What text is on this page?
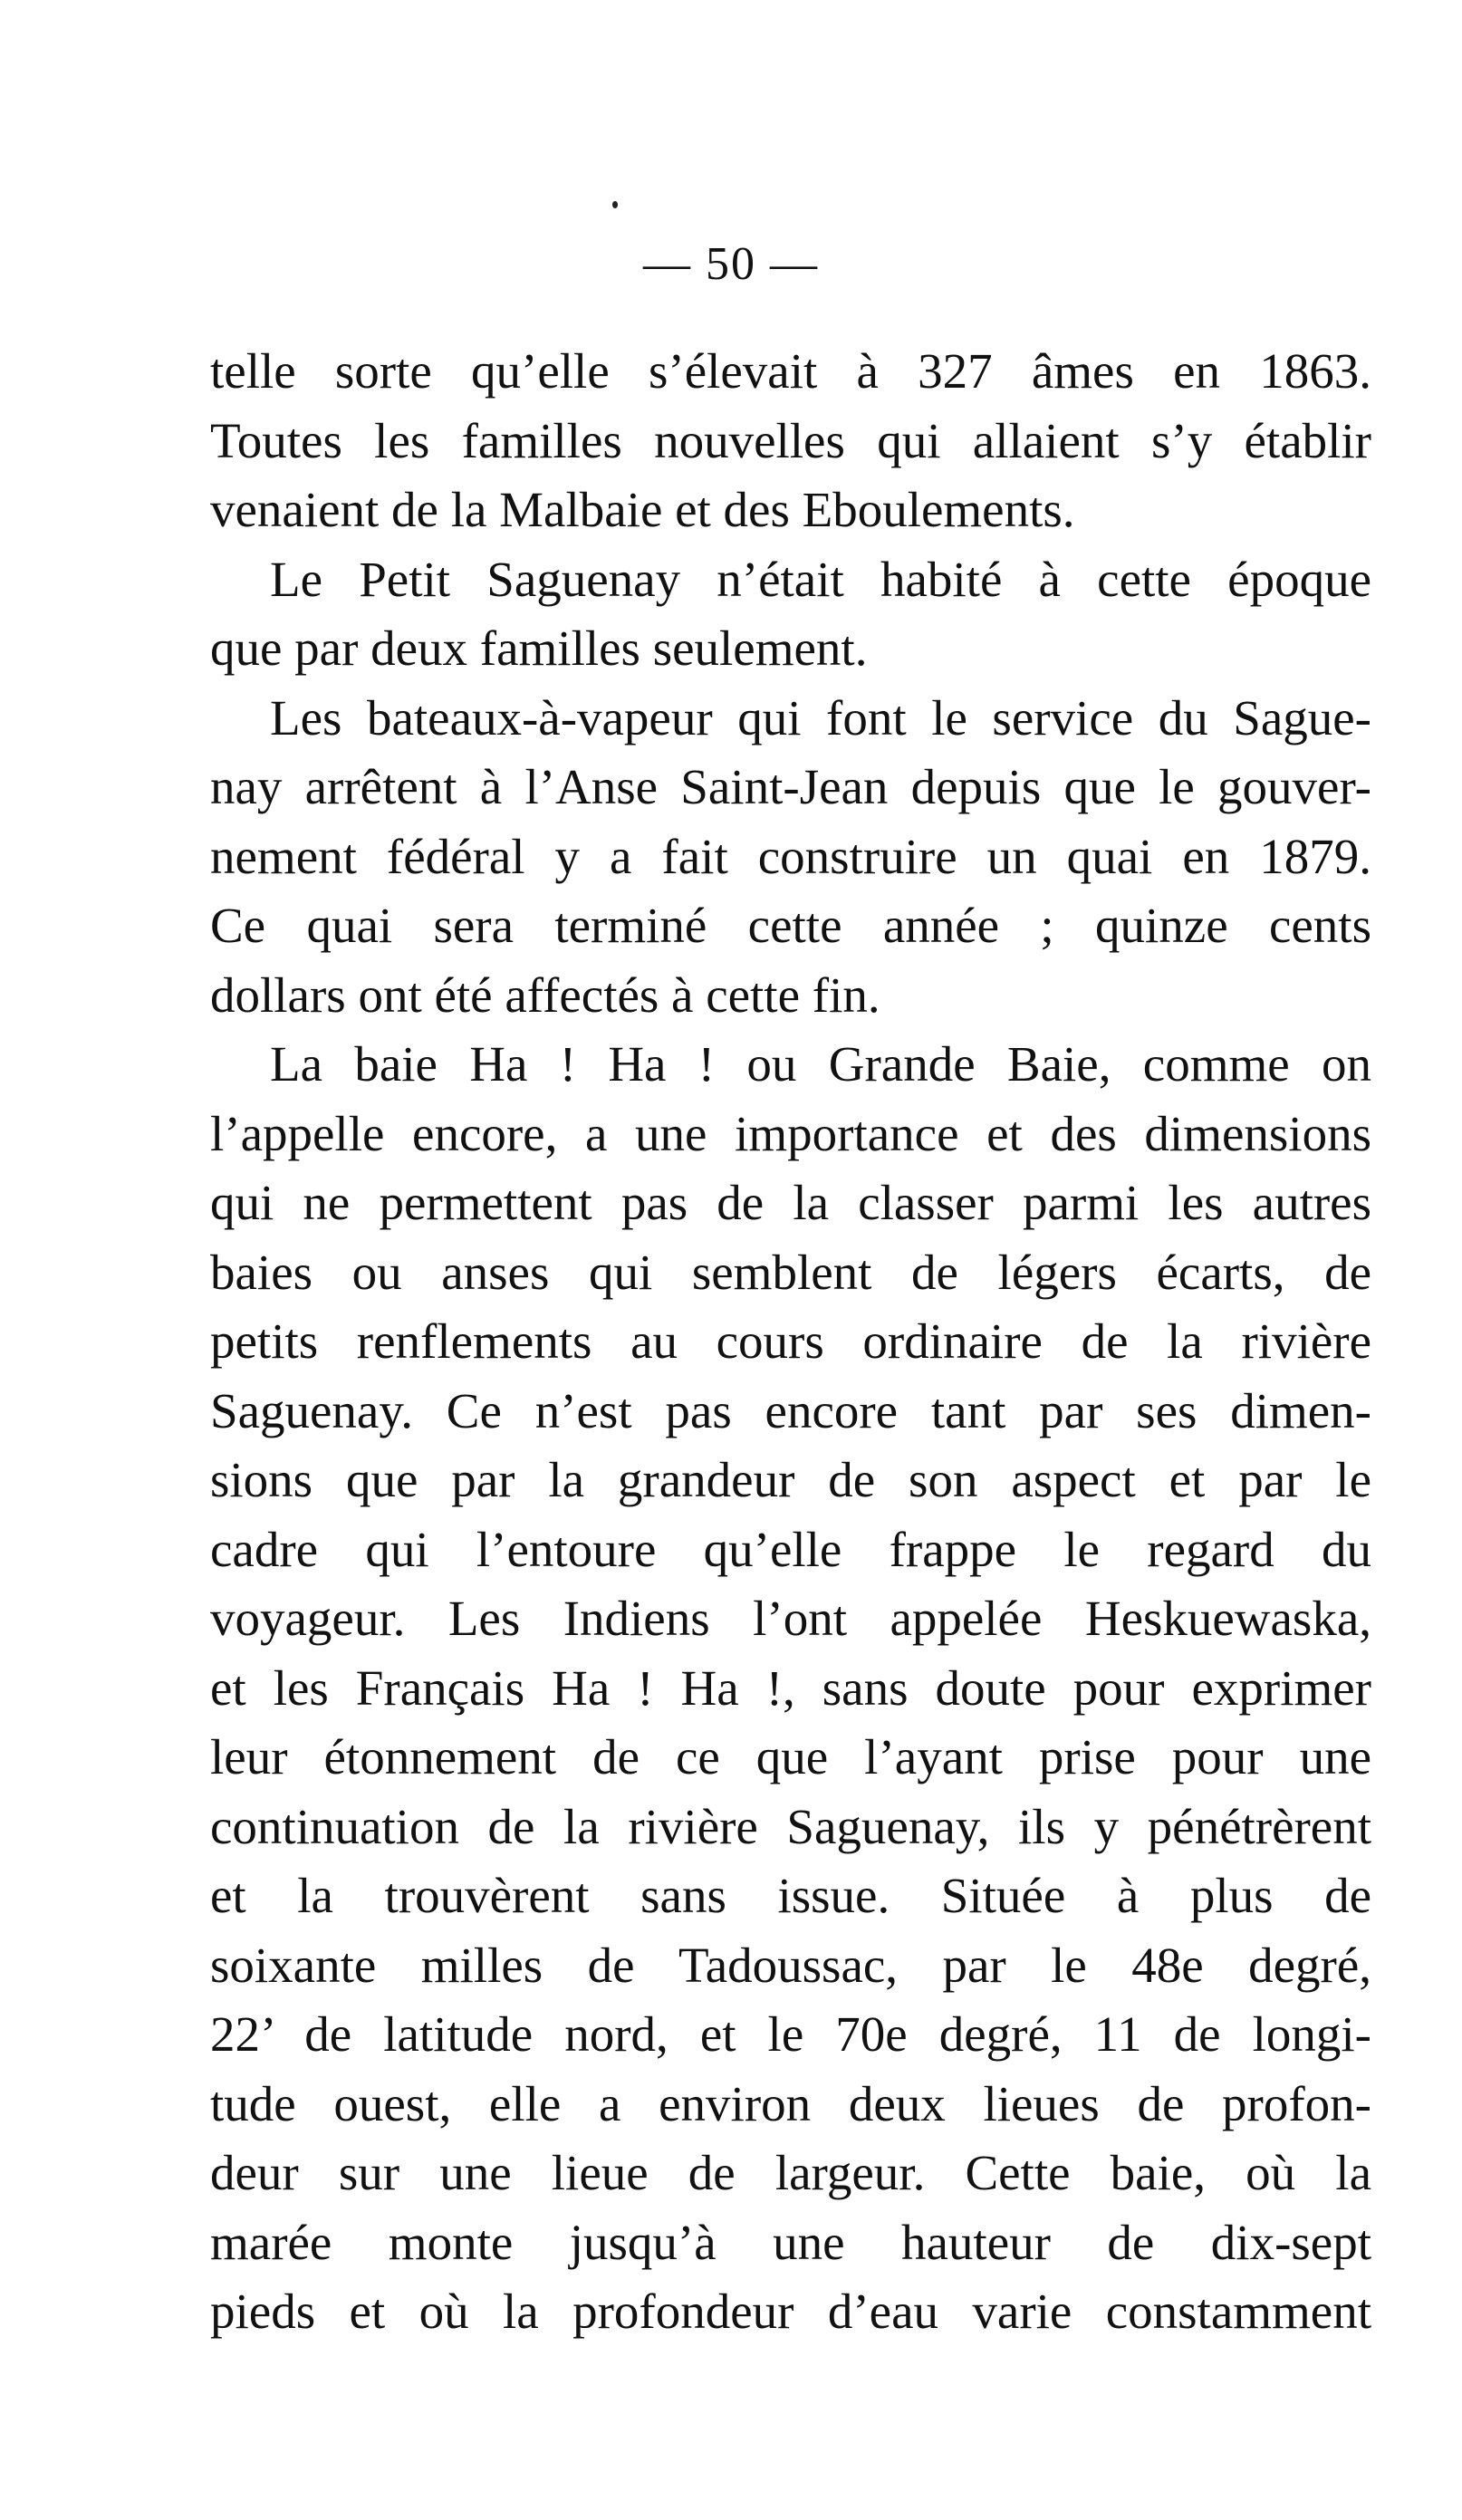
— 50 —
telle sorte qu’elle s’élevait à 327 âmes en 1863.
Toutes les familles nouvelles qui allaient s’y établir
venaient de la Malbaie et des Eboulements.
Le Petit Saguenay n’était habité à cette époque
que par deux familles seulement.
Les bateaux-à-vapeur qui font le service du Sague-
nay arrêtent à l’Anse Saint-Jean depuis que le gouver-
nement fédéral y a fait construire un quai en 1879.
Ce quai sera terminé cette année ; quinze cents
dollars ont été affectés à cette fin.
La baie Ha ! Ha ! ou Grande Baie, comme on
l’appelle encore, a une importance et des dimensions
qui ne permettent pas de la classer parmi les autres
baies ou anses qui semblent de légers écarts, de
petits renflements au cours ordinaire de la rivière
Saguenay. Ce n’est pas encore tant par ses dimen-
sions que par la grandeur de son aspect et par le
cadre qui l’entoure qu’elle frappe le regard du
voyageur. Les Indiens l’ont appelée Heskuewaska,
et les Français Ha ! Ha !, sans doute pour exprimer
leur étonnement de ce que l’ayant prise pour une
continuation de la rivière Saguenay, ils y pénétrèrent
et la trouvèrent sans issue. Située à plus de
soixante milles de Tadoussac, par le 48e degré,
22’ de latitude nord, et le 70e degré, 11 de longi-
tude ouest, elle a environ deux lieues de profon-
deur sur une lieue de largeur. Cette baie, où la
marée monte jusqu’à une hauteur de dix-sept
pieds et où la profondeur d’eau varie constamment
